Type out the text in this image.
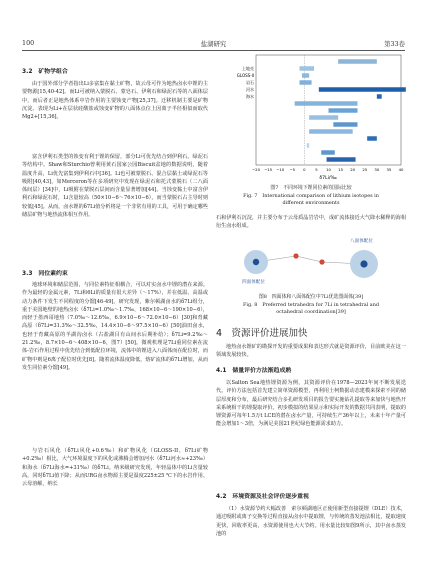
100	盐湖研究	第33卷

3.2　矿物学组合

由于国外部分学者指出Li多富集在黏土矿物，故云母可作为地热卤水中锂的主要物源[15,40-42]。而Li可被纳入蒙脱石、蒙皂石、伊利石和绿泥石等的八面体层中，而后者正是地热体系中岩作用的主要蚀变产物[25,37]。迁移机制主要是矿物沉淀、表现为Li+在层状硅酸盐或蚀变矿物的八面体点位上因离子半径相似而取代Mg2+[15,36]。

富含伊利石类型的蚀变有利于锂的保留，部分Li可优先结合到伊利石、绿泥石等结构中。Shaw和Sturchio曾利用黄石国家公园Biscuit盆地的数据说明，随着温度升高，Li优先富集到伊利石中[36]。Li也可被蒙脱石、混合层黏土或绿泥石等吸附[40,43]，如Merceron等在多项研究中发现在绿泥石和托式蒙脱石（二八面体间层）[34]中，Li吸附在蒙脱石层间而含量显著增加[44]。当蚀变黏土中富含伊利石和绿泥石时，Li含量较高（50×10−6～76×10−6），而当蒙脱石占主导时则较低[45]。从而，卤水锂的δ7Li值分析将是一个非常有用的工具，可用于确定哪些储层矿物与地热流体相互作用。

3.3　同位素约束

地球环境和储层范围，与同位素特征相耦合，可以对实卤水中锂的潜在来源。作为最轻的金属元素，7Li和6Li的质量有很大差异（～17%），并在低温、高温或动力条件下发生不同程度的分馏[46-49]。研究发现，紫尔顿湖卤水的δ7Li组分，重于美国地壁的地热卤水（δ7Li=1.0‰～1.7‰，168×10−6～190×10−6），而轻于墨西哥地热（7.0‰～12.6‰，6.9×10−6～72.0×10−6）[30]和育藏高原（δ7Li=31.3‰～32.5‰，14.4×10−6～97.5×10−6）[50]油田卤水，也轻于育藏高原的羊湖沟卤水（古盐湖目有山间水后期补给）；δ7Li=9.2‰～21.2‰，8.7×10−6～408×10−6，图7）[50]。微观机理是7Li重同位素在流体-岩石作用过程中优先结合到低配位环境，流体中的锂进入八面体而在配位时，而矿物中则是6离子配位时优先[8]。随着流体温度降低，熔矿流体的δ7Li增加，从而发生同位素分馏[49]。

与岩石风化（δ7Li风化+0.6‰）和矿物风化（GLOSS-II，δ7Li矿物+0.2‰）相比，大气环境温度下的风化或沸腾会增加河水（δ7Li河水≈+23‰）和海水（δ7Li海水=+31‰）的δ7Li。纳米级研究发现，年轻晶体中的Li含量较高，同时δ7Li值下降；从而URG卤水物源主要是温度225±25 ℃下的水岩作用、云母溶解，纳长

上地壳
GLOSS-II
岩石
河水
海水
−20 −15 −10 −5 0	5 10 15 20 25 30 35 40
δ7Li/‰

图7　不同环境下锂同位素的国际比较

Fig. 7　International comparison of lithium isotopes in

different environments

石和伊利石沉淀，并主要分布于云母质晶岩岩中，成矿流体接近大气降水稀释的海相衍生卤水组成。

四面体配位
八面体配位

图8　四面体和八面体配位中7Li优选图面体[39]

Fig. 8　Preferred tetrahedra for 7Li in tetrahedral and

octahedral coordination[39]

4　资源评价进展加快

地热卤水锂矿的勘探开发的重要成果和表达形式就是资源评价，目前欧美在这一领域发展较快。

4.1　储量评价方法渐趋成熟

以Salton Sea地热锂资源为例，其资源评价在1978—2023年间不断发展迭代。评价方法包括首先建立简单资源模型，再利用土柯数据动态建模来探索不同的储层厚度和分布，最后研究结合多孔研发项目的报告要实施钻孔提取等来加快与地热开采系统相干的锂提取评价。初步模拟的结果显示和实际开发的数据共同表明，提取的锂资源可每年1.5万t LCE的潜在卤水产量，可持续生产36年以上，未来十年产量可能会增加1～3倍，为满足美国21世纪绿色能源需求助力。

4.2　环境资源及社会评价逐步重视

（1）水资源节约大幅改善　索尔顿湖地区正使用新型直接提锂（DLE）技术，通过吸附或离子交换等过程直接从卤水中提取锂，与传统的蒸发池法相比，提取速度更快，回收率更高，水资源使用也大大节约。用水量比较如图9所示，其中卤水蒸发池的
